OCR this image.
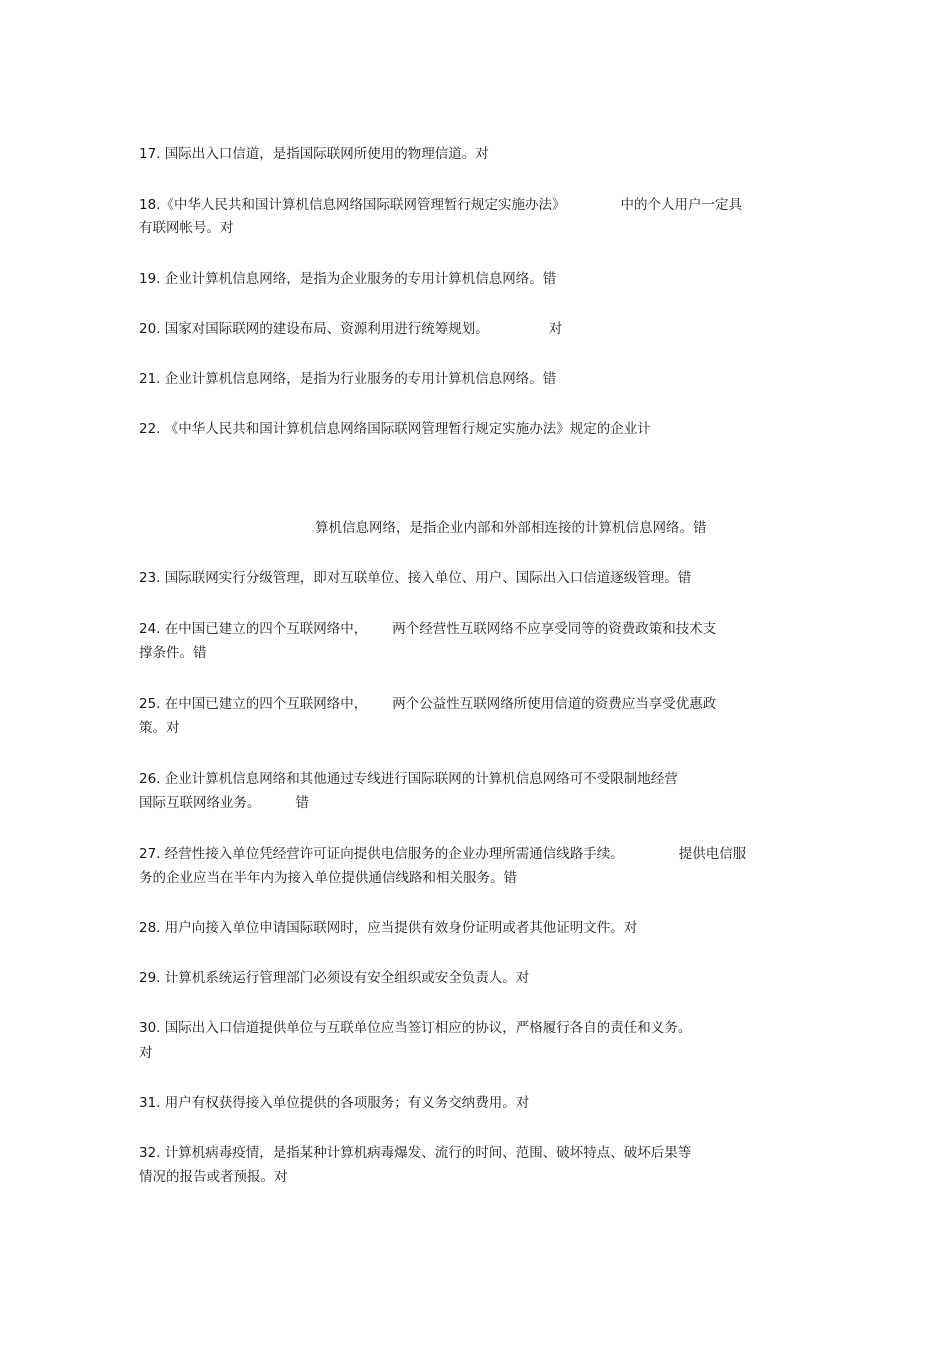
17. 国际出入口信道，是指国际联网所使用的物理信道。对

18.《中华人民共和国计算机信息网络国际联网管理暂行规定实施办法》	中的个人用户一定具

有联网帐号。对

19. 企业计算机信息网络，是指为企业服务的专用计算机信息网络。错

20. 国家对国际联网的建设布局、资源利用进行统筹规划。	对

21. 企业计算机信息网络，是指为行业服务的专用计算机信息网络。错

22. 《中华人民共和国计算机信息网络国际联网管理暂行规定实施办法》规定的企业计

算机信息网络，是指企业内部和外部相连接的计算机信息网络。错

23. 国际联网实行分级管理，即对互联单位、接入单位、用户、国际出入口信道逐级管理。错

24. 在中国已建立的四个互联网络中， 两个经营性互联网络不应享受同等的资费政策和技术支

撑条件。错

25. 在中国已建立的四个互联网络中， 两个公益性互联网络所使用信道的资费应当享受优惠政

策。对

26. 企业计算机信息网络和其他通过专线进行国际联网的计算机信息网络可不受限制地经营

国际互联网络业务。	错

27. 经营性接入单位凭经营许可证向提供电信服务的企业办理所需通信线路手续。	提供电信服

务的企业应当在半年内为接入单位提供通信线路和相关服务。错

28. 用户向接入单位申请国际联网时，应当提供有效身份证明或者其他证明文件。对

29. 计算机系统运行管理部门必须设有安全组织或安全负责人。对

30. 国际出入口信道提供单位与互联单位应当签订相应的协议，严格履行各自的责任和义务。

对

31. 用户有权获得接入单位提供的各项服务；有义务交纳费用。对

32. 计算机病毒疫情，是指某种计算机病毒爆发、流行的时间、范围、破坏特点、破坏后果等

情况的报告或者预报。对
